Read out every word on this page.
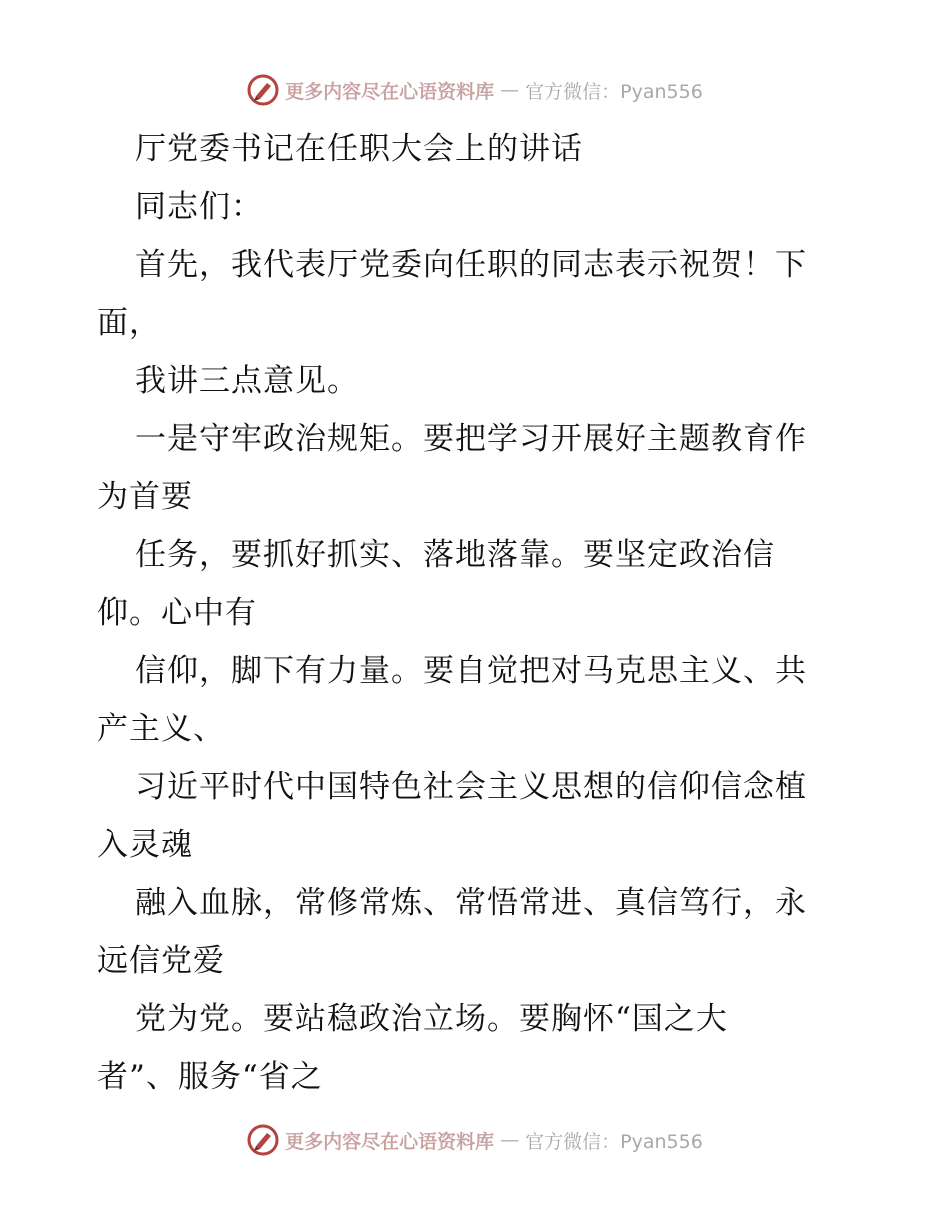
更多内容尽在心语资料库 — 官方微信：Pyan556
厅党委书记在任职大会上的讲话
同志们：
首先，我代表厅党委向任职的同志表示祝贺！下
面，
我讲三点意见。
一是守牢政治规矩。要把学习开展好主题教育作
为首要
任务，要抓好抓实、落地落靠。要坚定政治信
仰。心中有
信仰，脚下有力量。要自觉把对马克思主义、共
产主义、
习近平时代中国特色社会主义思想的信仰信念植
入灵魂
融入血脉，常修常炼、常悟常进、真信笃行，永
远信党爱
党为党。要站稳政治立场。要胸怀“国之大
者”、服务“省之
更多内容尽在心语资料库 — 官方微信：Pyan556
